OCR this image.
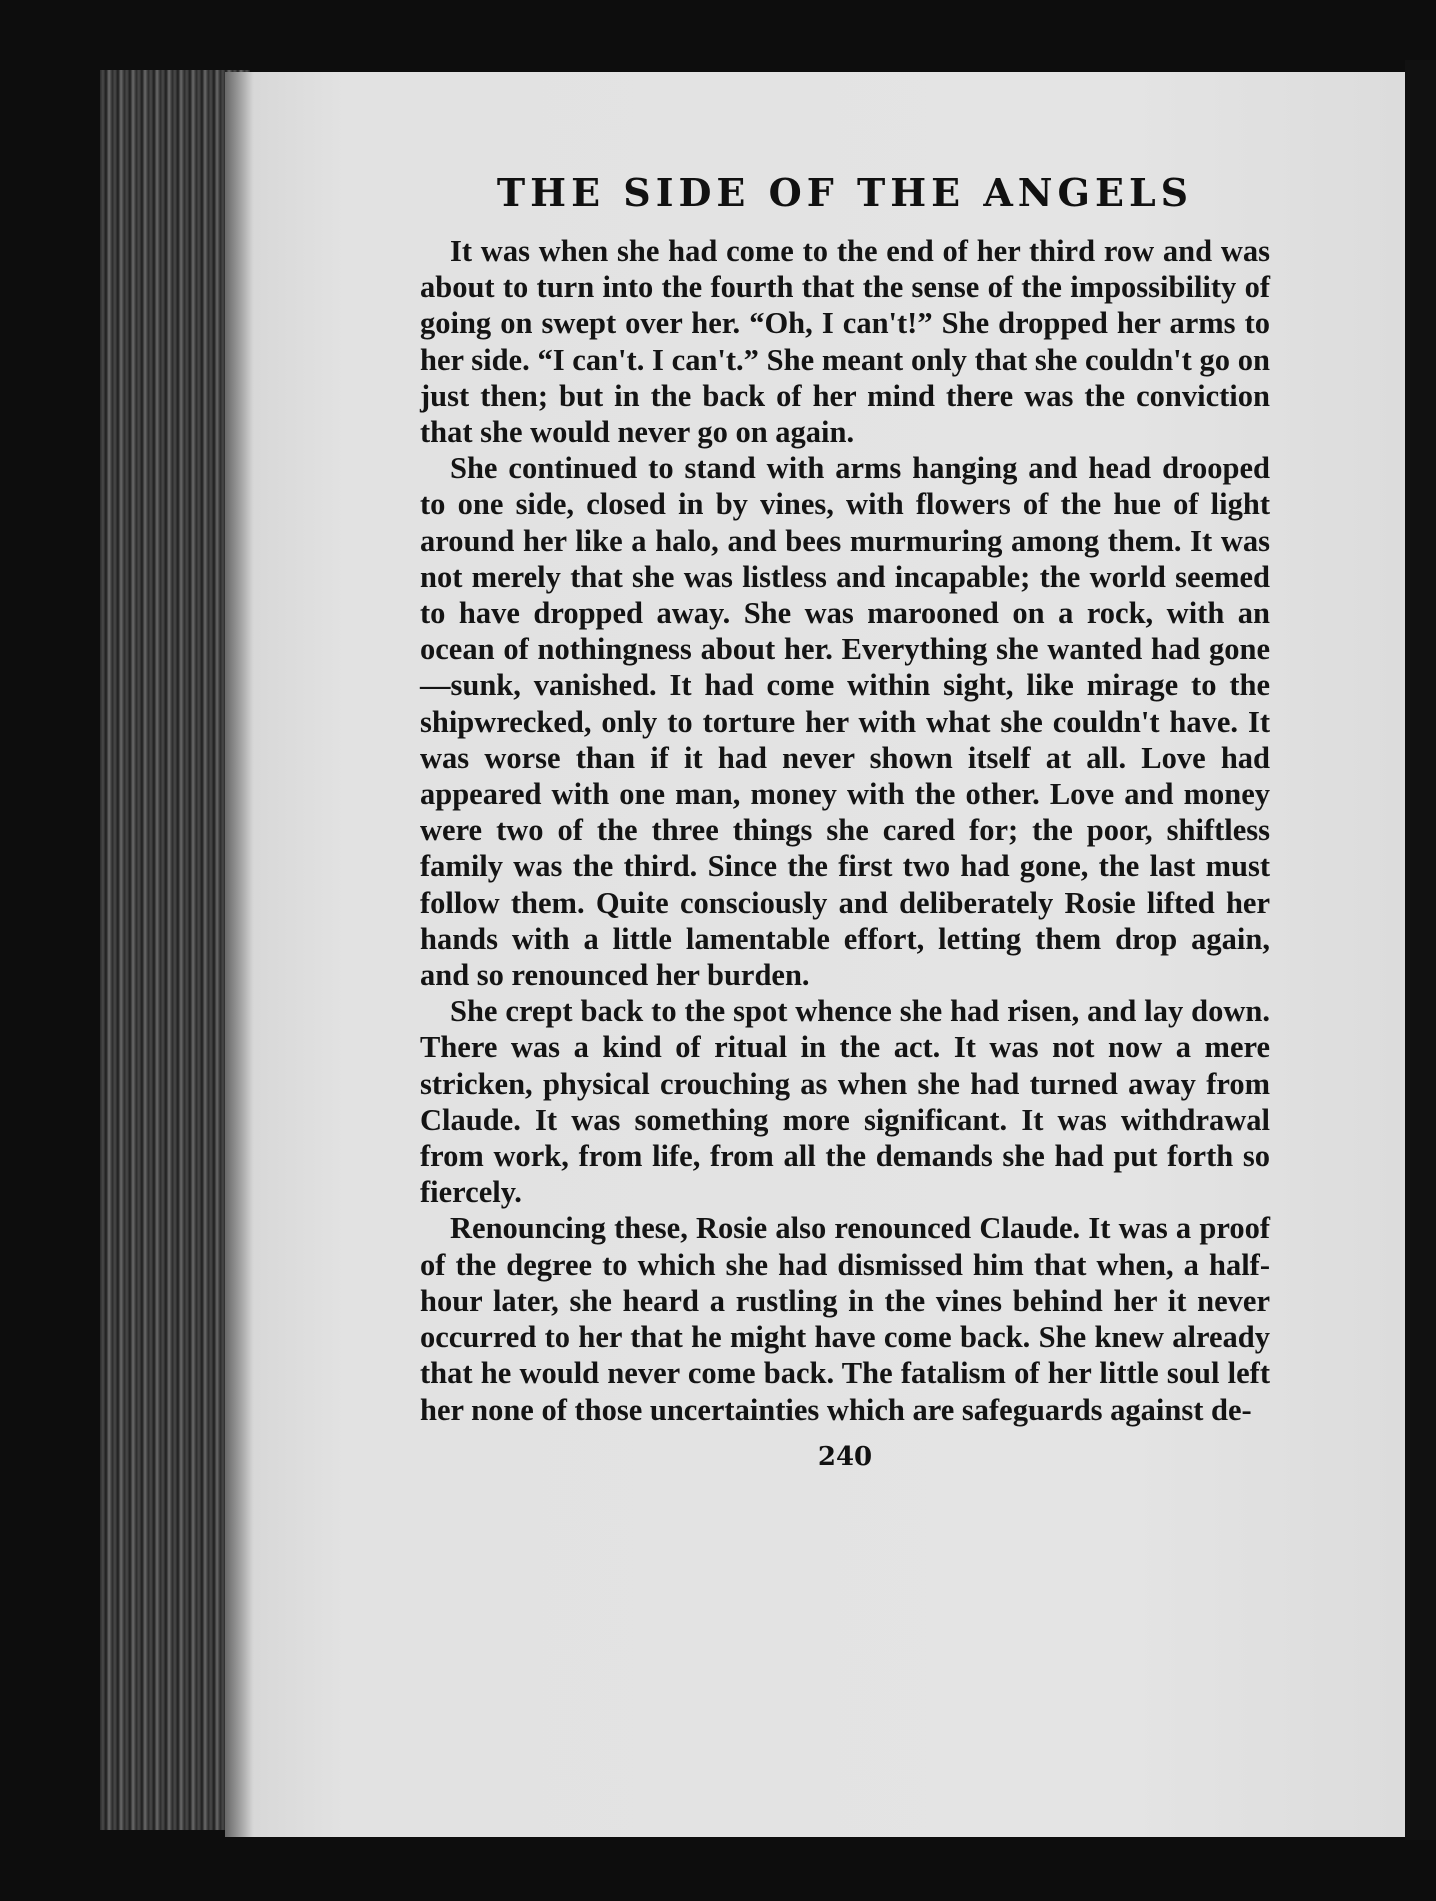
THE SIDE OF THE ANGELS

It was when she had come to the end of her third row and was about to turn into the fourth that the sense of the impossibility of going on swept over her. “Oh, I can't!” She dropped her arms to her side. “I can't. I can't.” She meant only that she couldn't go on just then; but in the back of her mind there was the conviction that she would never go on again.

She continued to stand with arms hanging and head drooped to one side, closed in by vines, with flowers of the hue of light around her like a halo, and bees murmuring among them. It was not merely that she was listless and incapable; the world seemed to have dropped away. She was marooned on a rock, with an ocean of nothingness about her. Everything she wanted had gone—sunk, vanished. It had come within sight, like mirage to the shipwrecked, only to torture her with what she couldn't have. It was worse than if it had never shown itself at all. Love had appeared with one man, money with the other. Love and money were two of the three things she cared for; the poor, shiftless family was the third. Since the first two had gone, the last must follow them. Quite consciously and deliberately Rosie lifted her hands with a little lamentable effort, letting them drop again, and so renounced her burden.

She crept back to the spot whence she had risen, and lay down. There was a kind of ritual in the act. It was not now a mere stricken, physical crouching as when she had turned away from Claude. It was something more significant. It was withdrawal from work, from life, from all the demands she had put forth so fiercely.

Renouncing these, Rosie also renounced Claude. It was a proof of the degree to which she had dismissed him that when, a half-hour later, she heard a rustling in the vines behind her it never occurred to her that he might have come back. She knew already that he would never come back. The fatalism of her little soul left her none of those uncertainties which are safeguards against de-

240
